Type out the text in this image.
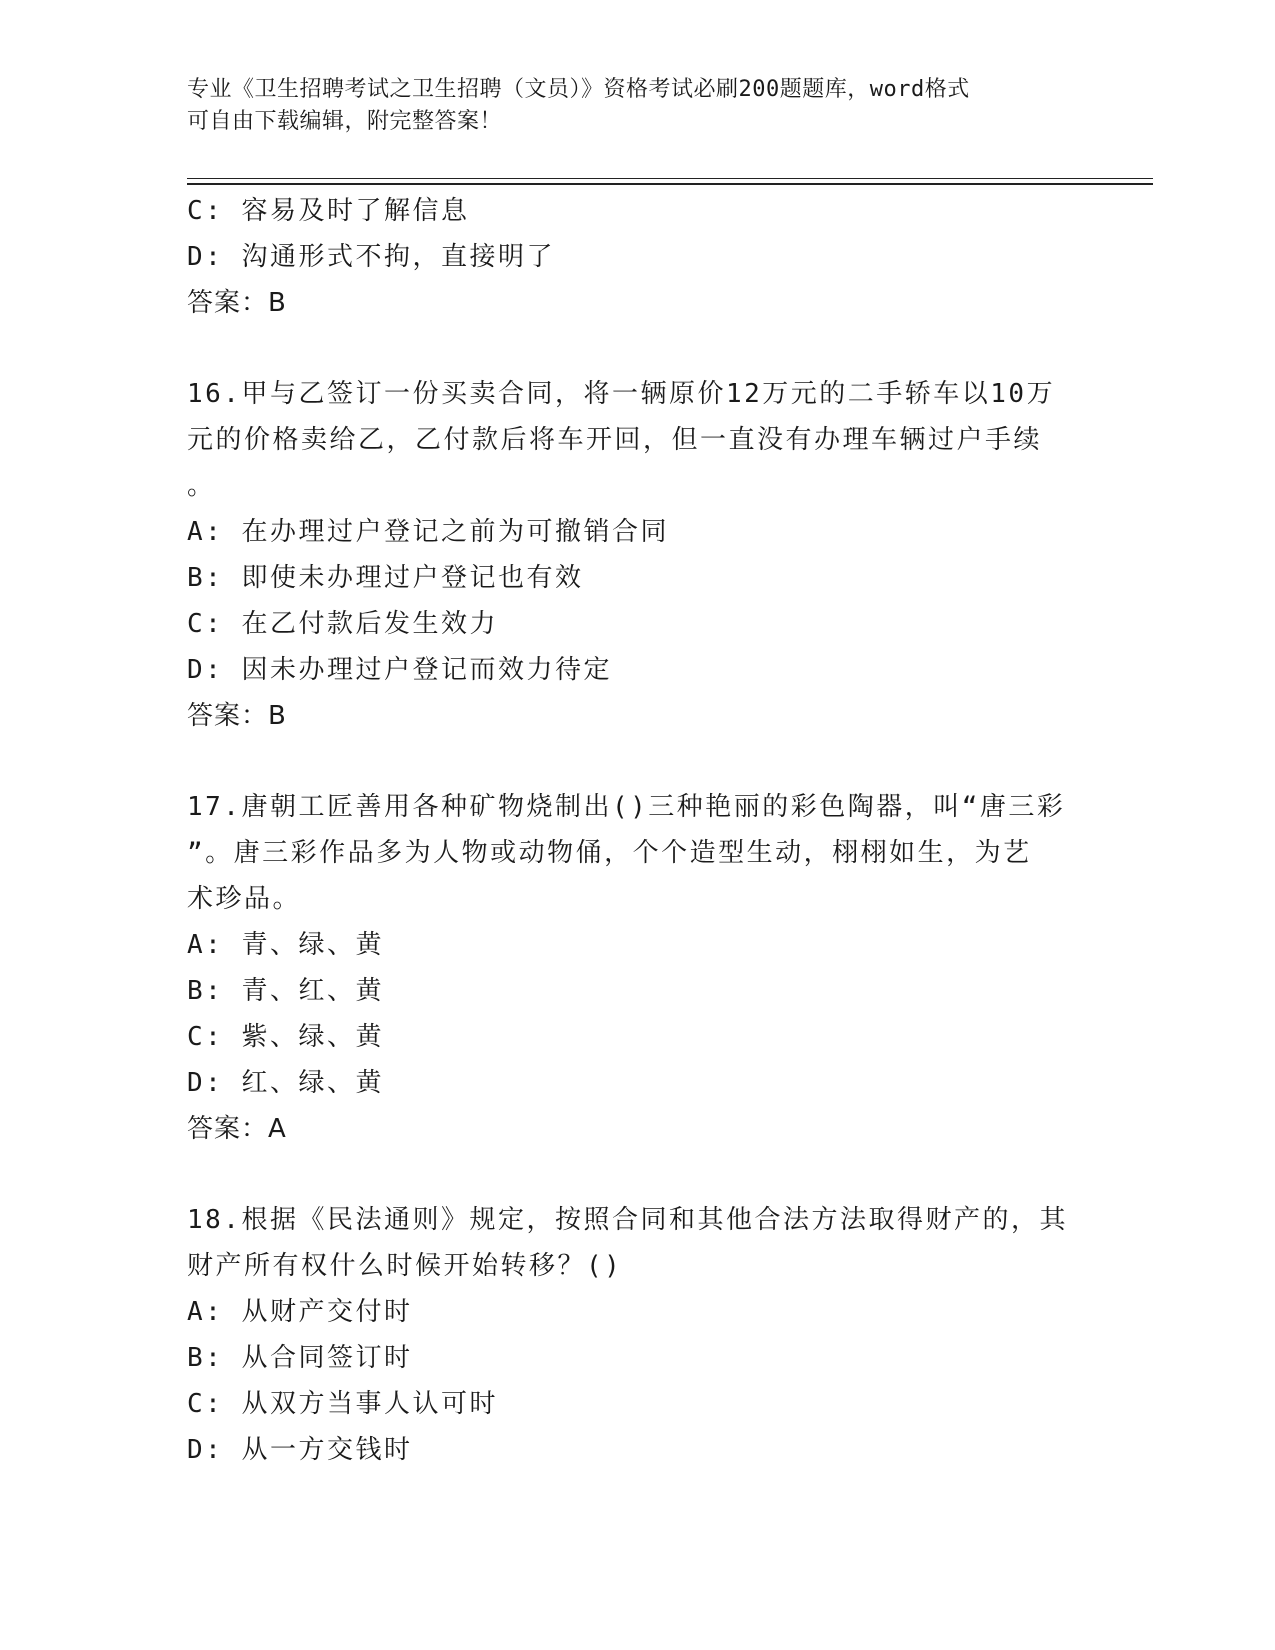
专业《卫生招聘考试之卫生招聘（文员）》资格考试必刷200题题库，word格式
可自由下载编辑，附完整答案！
C: 容易及时了解信息
D: 沟通形式不拘，直接明了
答案：B
16.甲与乙签订一份买卖合同，将一辆原价12万元的二手轿车以10万
元的价格卖给乙，乙付款后将车开回，但一直没有办理车辆过户手续
。
A: 在办理过户登记之前为可撤销合同
B: 即使未办理过户登记也有效
C: 在乙付款后发生效力
D: 因未办理过户登记而效力待定
答案：B
17.唐朝工匠善用各种矿物烧制出()三种艳丽的彩色陶器，叫“唐三彩
”。唐三彩作品多为人物或动物俑，个个造型生动，栩栩如生，为艺
术珍品。
A: 青、绿、黄
B: 青、红、黄
C: 紫、绿、黄
D: 红、绿、黄
答案：A
18.根据《民法通则》规定，按照合同和其他合法方法取得财产的，其
财产所有权什么时候开始转移？()
A: 从财产交付时
B: 从合同签订时
C: 从双方当事人认可时
D: 从一方交钱时
